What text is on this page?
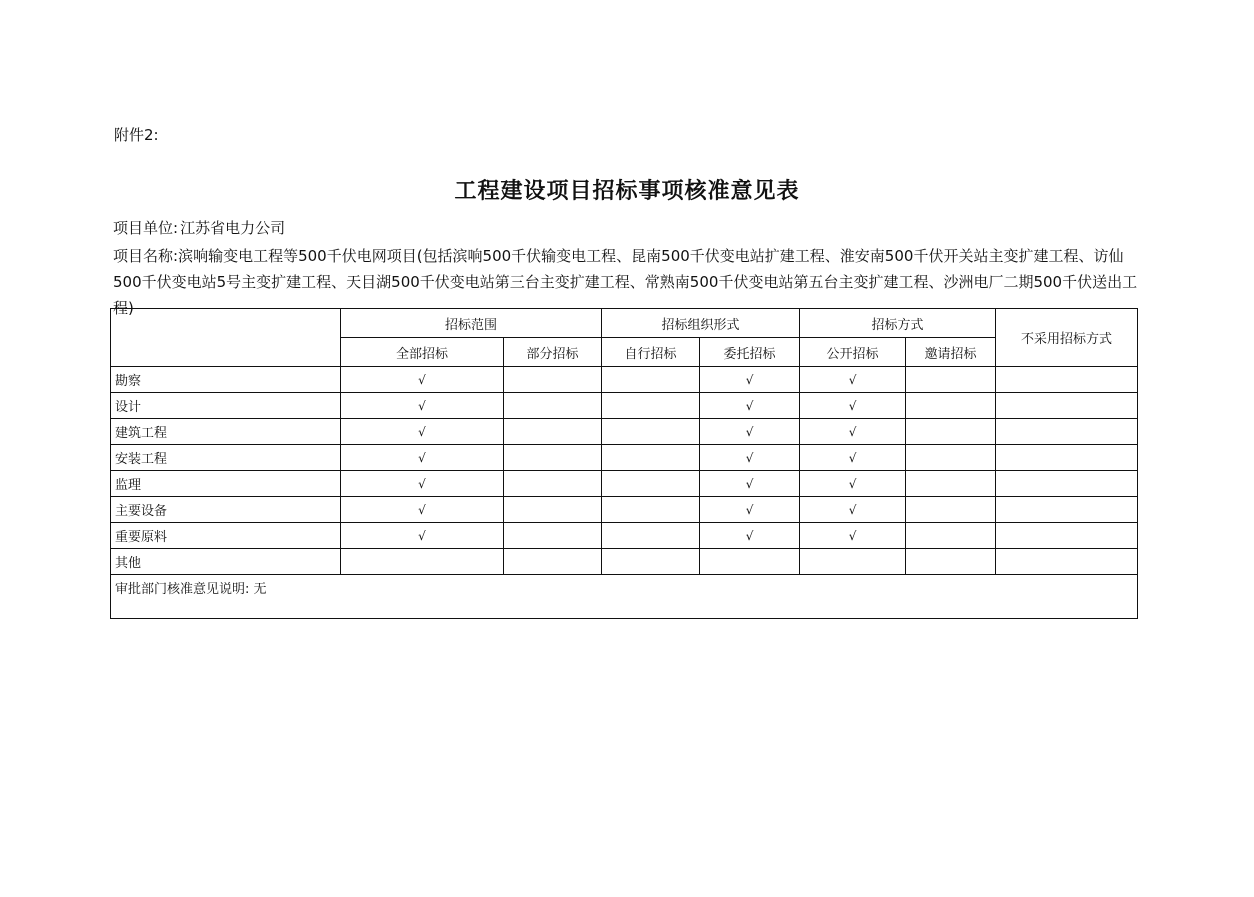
附件2:
工程建设项目招标事项核准意见表
项目单位: 江苏省电力公司
项目名称:滨响输变电工程等500千伏电网项目(包括滨响500千伏输变电工程、昆南500千伏变电站扩建工程、淮安南500千伏开关站主变扩建工程、访仙500千伏变电站5号主变扩建工程、天目湖500千伏变电站第三台主变扩建工程、常熟南500千伏变电站第五台主变扩建工程、沙洲电厂二期500千伏送出工程)
	招标范围		招标组织形式		招标方式		不采用招标方式
	全部招标	部分招标	自行招标	委托招标	公开招标	邀请招标	
勘察	√			√	√		
设计	√			√	√		
建筑工程	√			√	√		
安装工程	√			√	√		
监理	√			√	√		
主要设备	√			√	√		
重要原料	√			√	√		
其他							
审批部门核准意见说明: 无							
